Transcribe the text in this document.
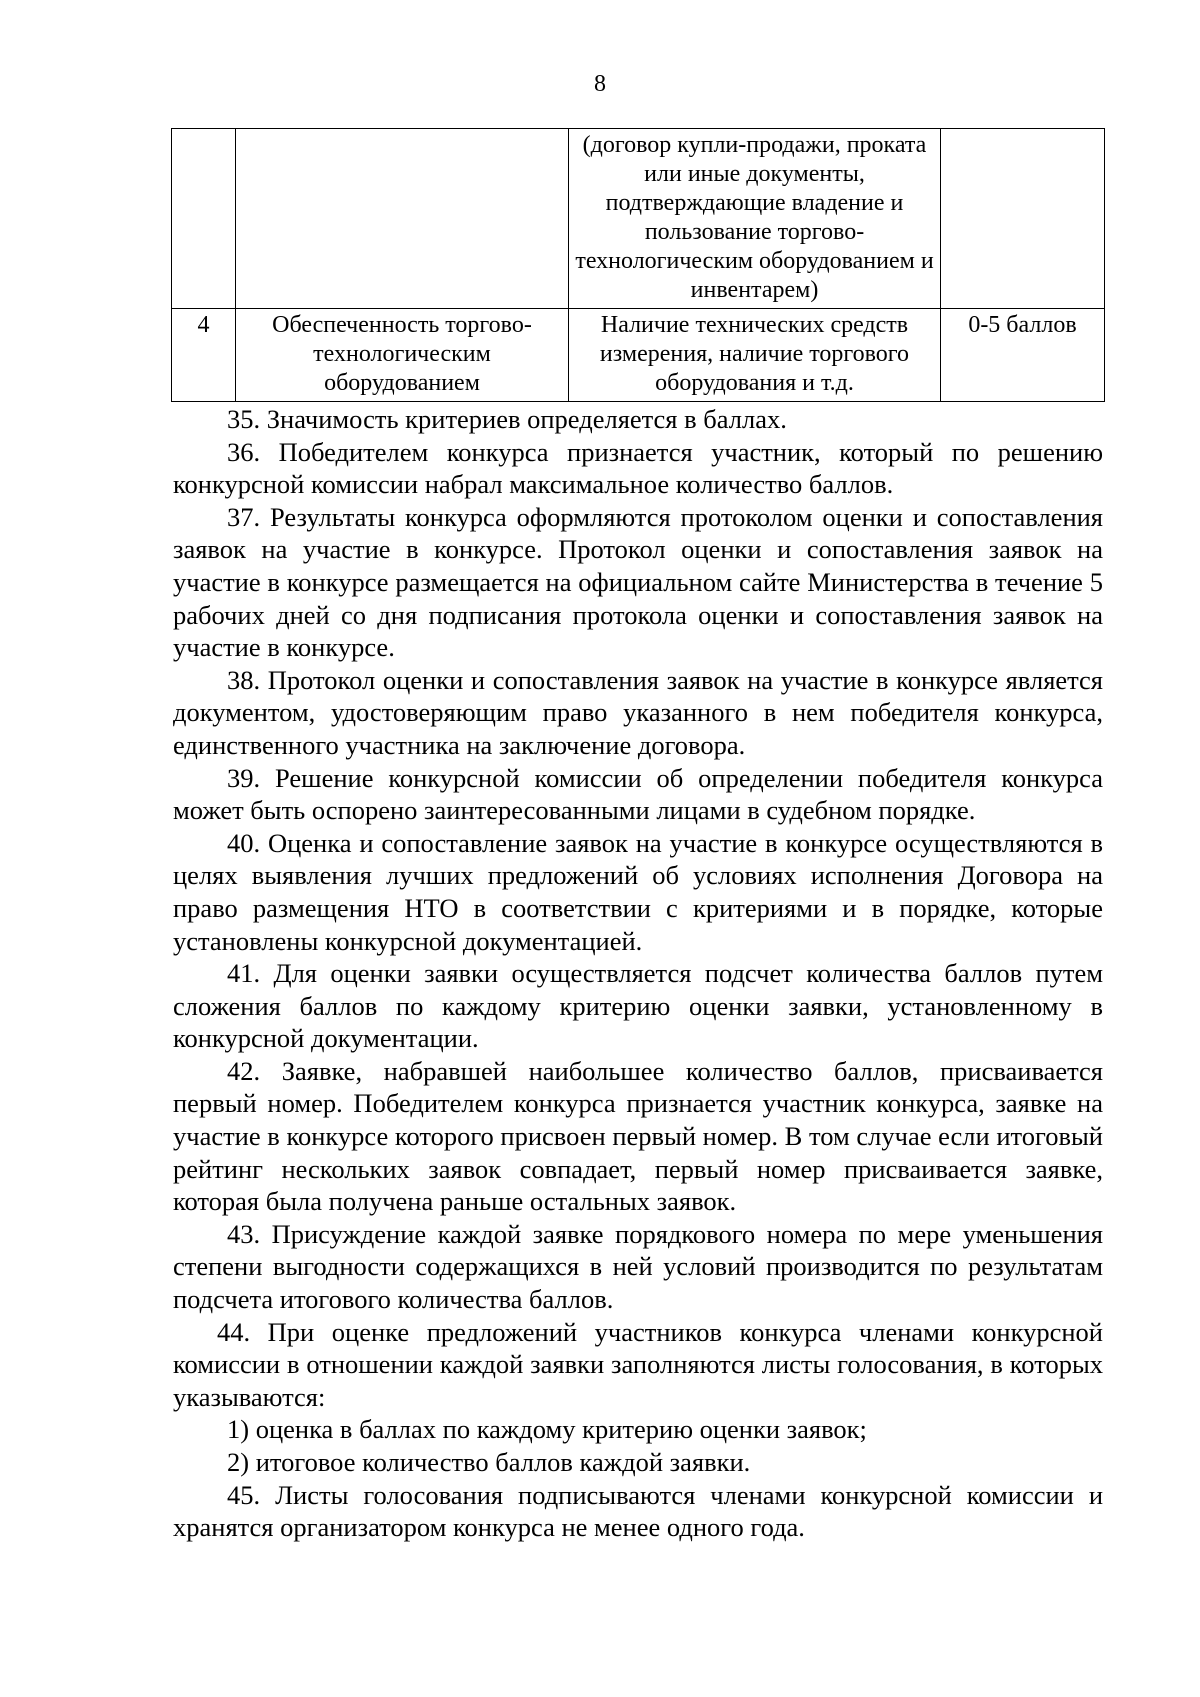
8
		(договор купли-продажи, проката или иные документы, подтверждающие владение и пользование торгово-технологическим оборудованием и инвентарем)	
4	Обеспеченность торгово-технологическим оборудованием	Наличие технических средств измерения, наличие торгового оборудования и т.д.	0-5 баллов

35. Значимость критериев определяется в баллах.

36. Победителем конкурса признается участник, который по решению конкурсной комиссии набрал максимальное количество баллов.

37. Результаты конкурса оформляются протоколом оценки и сопоставления заявок на участие в конкурсе. Протокол оценки и сопоставления заявок на участие в конкурсе размещается на официальном сайте Министерства в течение 5 рабочих дней со дня подписания протокола оценки и сопоставления заявок на участие в конкурсе.

38. Протокол оценки и сопоставления заявок на участие в конкурсе является документом, удостоверяющим право указанного в нем победителя конкурса, единственного участника на заключение договора.

39. Решение конкурсной комиссии об определении победителя конкурса может быть оспорено заинтересованными лицами в судебном порядке.

40. Оценка и сопоставление заявок на участие в конкурсе осуществляются в целях выявления лучших предложений об условиях исполнения Договора на право размещения НТО в соответствии с критериями и в порядке, которые установлены конкурсной документацией.

41. Для оценки заявки осуществляется подсчет количества баллов путем сложения баллов по каждому критерию оценки заявки, установленному в конкурсной документации.

42. Заявке, набравшей наибольшее количество баллов, присваивается первый номер. Победителем конкурса признается участник конкурса, заявке на участие в конкурсе которого присвоен первый номер. В том случае если итоговый рейтинг нескольких заявок совпадает, первый номер присваивается заявке, которая была получена раньше остальных заявок.

43. Присуждение каждой заявке порядкового номера по мере уменьшения степени выгодности содержащихся в ней условий производится по результатам подсчета итогового количества баллов.

44. При оценке предложений участников конкурса членами конкурсной комиссии в отношении каждой заявки заполняются листы голосования, в которых указываются:

1) оценка в баллах по каждому критерию оценки заявок;

2) итоговое количество баллов каждой заявки.

45. Листы голосования подписываются членами конкурсной комиссии и хранятся организатором конкурса не менее одного года.
